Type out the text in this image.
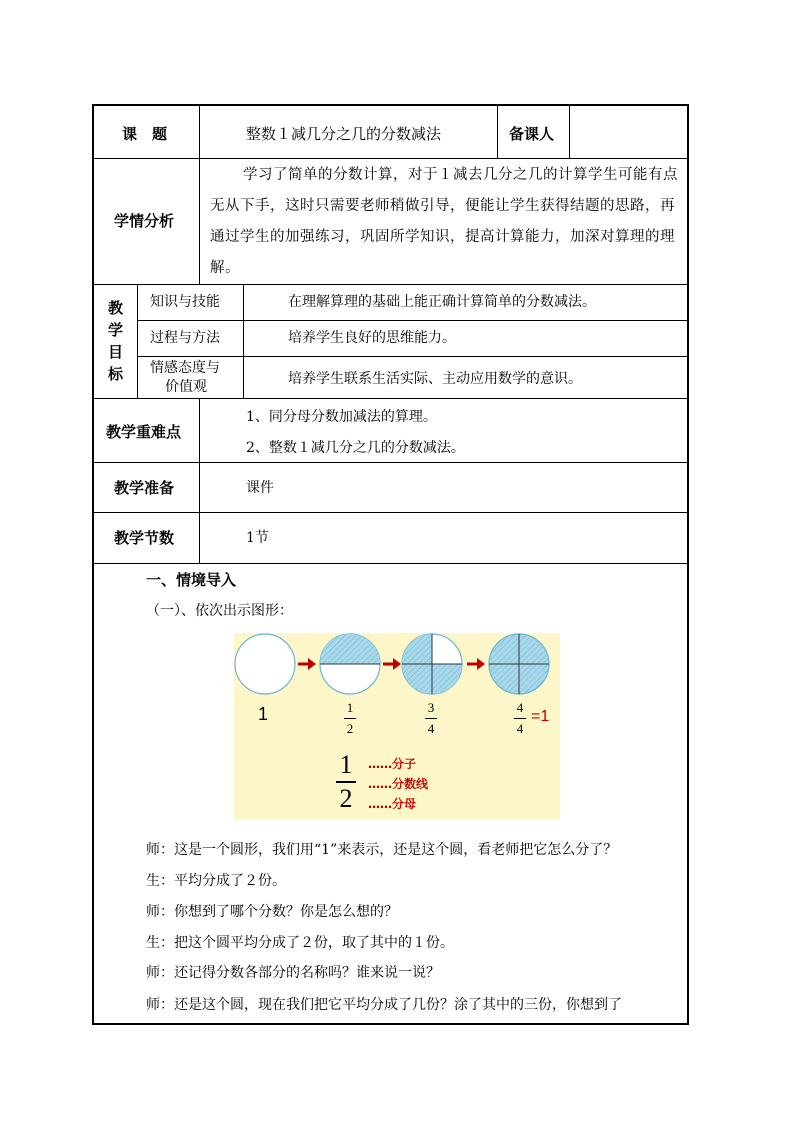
课　题	整数１减几分之几的分数减法	备课人
学情分析
学习了简单的分数计算，对于１减去几分之几的计算学生可能有点无从下手，这时只需要老师稍做引导，便能让学生获得结题的思路，再通过学生的加强练习，巩固所学知识，提高计算能力，加深对算理的理解。
教
学
目
标
知识与技能	在理解算理的基础上能正确计算简单的分数减法。
过程与方法	培养学生良好的思维能力。
情感态度与
价值观	培养学生联系生活实际、主动应用数学的意识。
教学重难点
1、同分母分数加减法的算理。
2、整数１减几分之几的分数减法。
教学准备	课件
教学节数	1节
一、情境导入
（一）、依次出示图形：
1	1
2
3
4
4
4
=1
1
2
……分子
……分数线
……分母
师：这是一个圆形，我们用“1”来表示，还是这个圆，看老师把它怎么分了？
生：平均分成了２份。
师：你想到了哪个分数？你是怎么想的？
生：把这个圆平均分成了２份，取了其中的１份。
师：还记得分数各部分的名称吗？谁来说一说？
师：还是这个圆，现在我们把它平均分成了几份？涂了其中的三份，你想到了
